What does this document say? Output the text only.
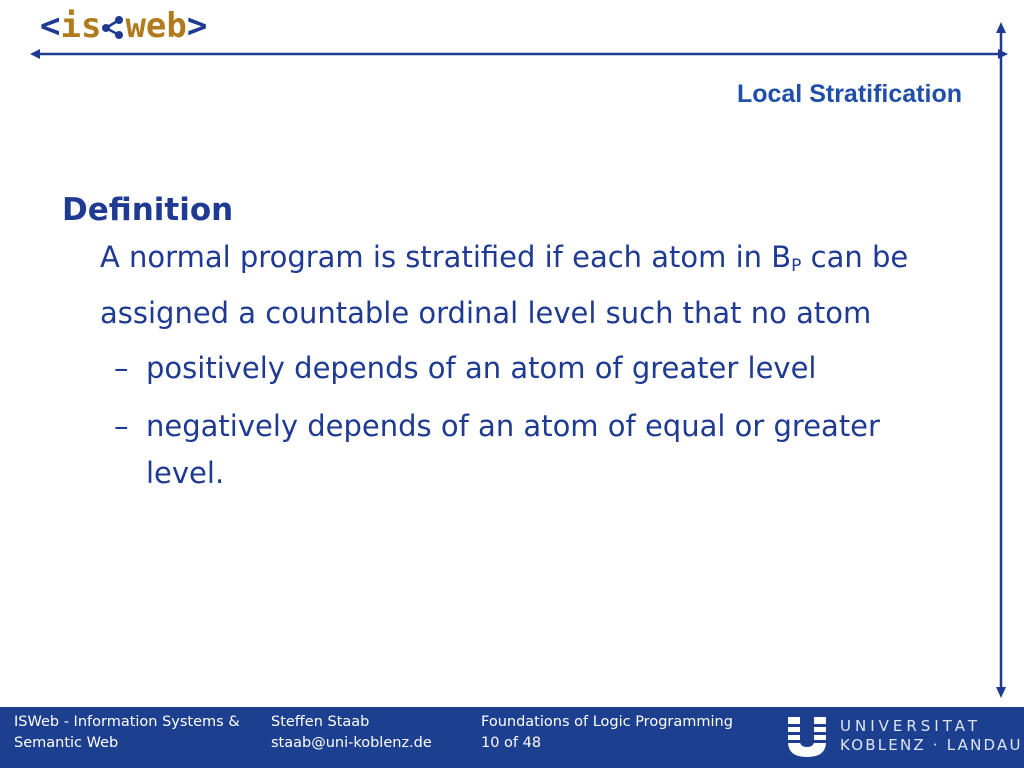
<is web>
Local Stratification
Definition
A normal program is stratified if each atom in $B_P$ can be assigned a countable ordinal level such that no atom
– positively depends of an atom of greater level
– negatively depends of an atom of equal or greater level.
ISWeb - Information Systems &
Semantic Web
Steffen Staab
staab@uni-koblenz.de
Foundations of Logic Programming
10 of 48
UNIVERSITAT
KOBLENZ · LANDAU
